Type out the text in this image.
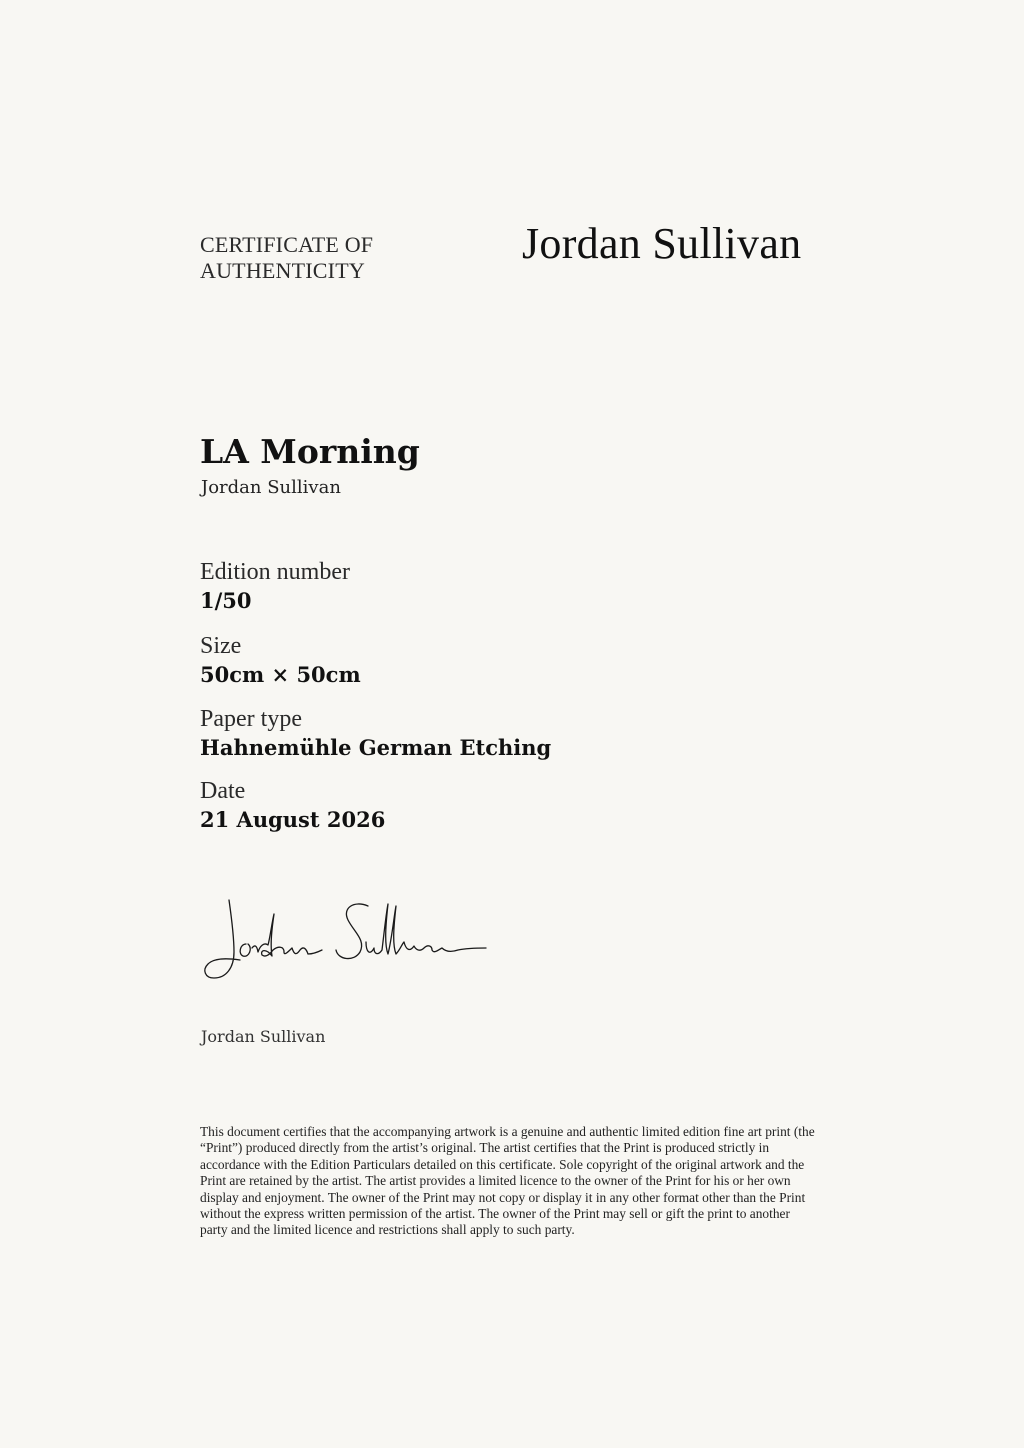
CERTIFICATE OF
AUTHENTICITY
Jordan Sullivan
LA Morning
Jordan Sullivan
Edition number
1/50
Size
50cm × 50cm
Paper type
Hahnemühle German Etching
Date
21 August 2026
Jordan Sullivan

This document certifies that the accompanying artwork is a genuine and authentic limited edition fine art print (the “Print”) produced directly from the artist’s original. The artist certifies that the Print is produced strictly in accordance with the Edition Particulars detailed on this certificate. Sole copyright of the original artwork and the Print are retained by the artist. The artist provides a limited licence to the owner of the Print for his or her own display and enjoyment. The owner of the Print may not copy or display it in any other format other than the Print without the express written permission of the artist. The owner of the Print may sell or gift the print to another party and the limited licence and restrictions shall apply to such party.
